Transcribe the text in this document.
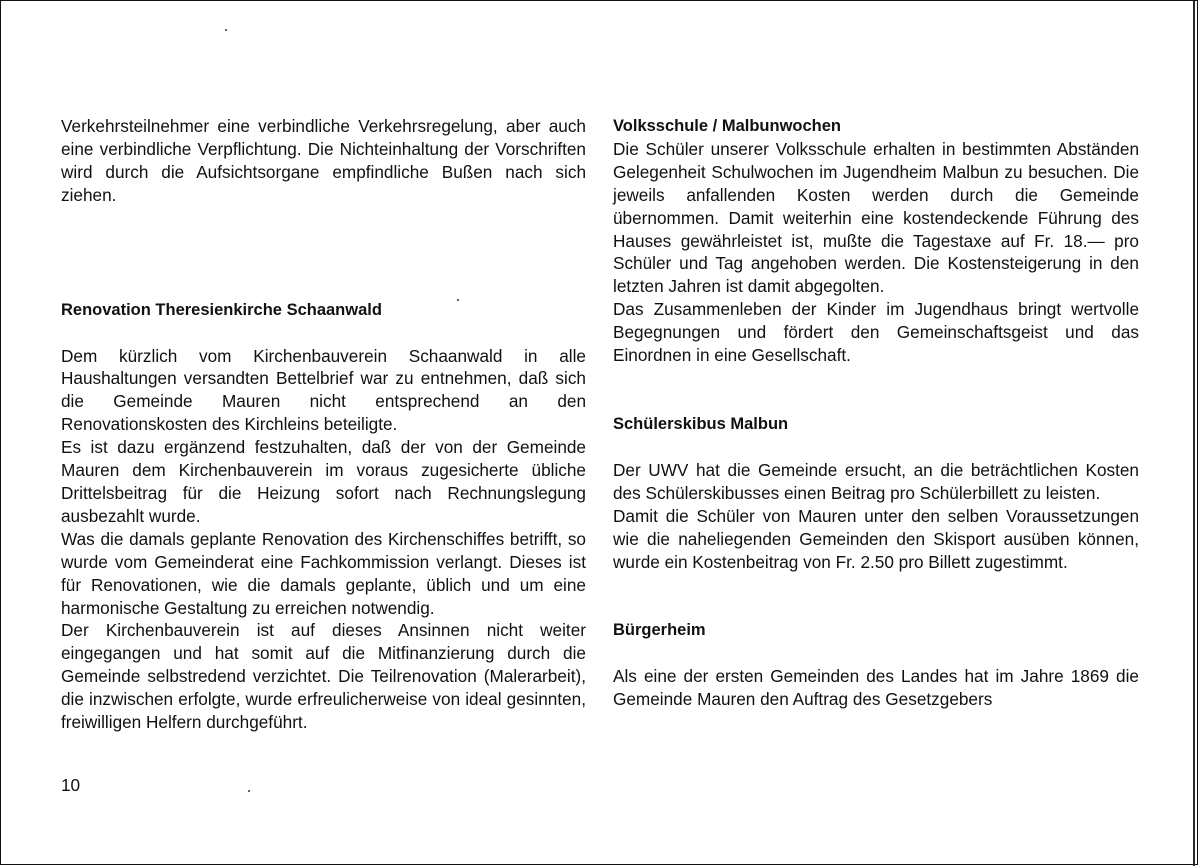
Verkehrsteilnehmer eine verbindliche Verkehrsregelung, aber auch eine verbindliche Verpflichtung. Die Nichteinhaltung der Vorschriften wird durch die Aufsichtsorgane empfindliche Bußen nach sich ziehen.

Renovation Theresienkirche Schaanwald

Dem kürzlich vom Kirchenbauverein Schaanwald in alle Haushaltungen versandten Bettelbrief war zu entnehmen, daß sich die Gemeinde Mauren nicht entsprechend an den Renovationskosten des Kirchleins beteiligte.

Es ist dazu ergänzend festzuhalten, daß der von der Gemeinde Mauren dem Kirchenbauverein im voraus zugesicherte übliche Drittelsbeitrag für die Heizung sofort nach Rechnungslegung ausbezahlt wurde.

Was die damals geplante Renovation des Kirchenschiffes betrifft, so wurde vom Gemeinderat eine Fachkommission verlangt. Dieses ist für Renovationen, wie die damals geplante, üblich und um eine harmonische Gestaltung zu erreichen notwendig.

Der Kirchenbauverein ist auf dieses Ansinnen nicht weiter eingegangen und hat somit auf die Mitfinanzierung durch die Gemeinde selbstredend verzichtet. Die Teilrenovation (Malerarbeit), die inzwischen erfolgte, wurde erfreulicherweise von ideal gesinnten, freiwilligen Helfern durchgeführt.

Volksschule / Malbunwochen

Die Schüler unserer Volksschule erhalten in bestimmten Abständen Gelegenheit Schulwochen im Jugendheim Malbun zu besuchen. Die jeweils anfallenden Kosten werden durch die Gemeinde übernommen. Damit weiterhin eine kostendeckende Führung des Hauses gewährleistet ist, mußte die Tagestaxe auf Fr. 18.— pro Schüler und Tag angehoben werden. Die Kostensteigerung in den letzten Jahren ist damit abgegolten.

Das Zusammenleben der Kinder im Jugendhaus bringt wertvolle Begegnungen und fördert den Gemeinschaftsgeist und das Einordnen in eine Gesellschaft.

Schülerskibus Malbun

Der UWV hat die Gemeinde ersucht, an die beträchtlichen Kosten des Schülerskibusses einen Beitrag pro Schülerbillett zu leisten.

Damit die Schüler von Mauren unter den selben Voraussetzungen wie die naheliegenden Gemeinden den Skisport ausüben können, wurde ein Kostenbeitrag von Fr. 2.50 pro Billett zugestimmt.

Bürgerheim

Als eine der ersten Gemeinden des Landes hat im Jahre 1869 die Gemeinde Mauren den Auftrag des Gesetzgebers

10
